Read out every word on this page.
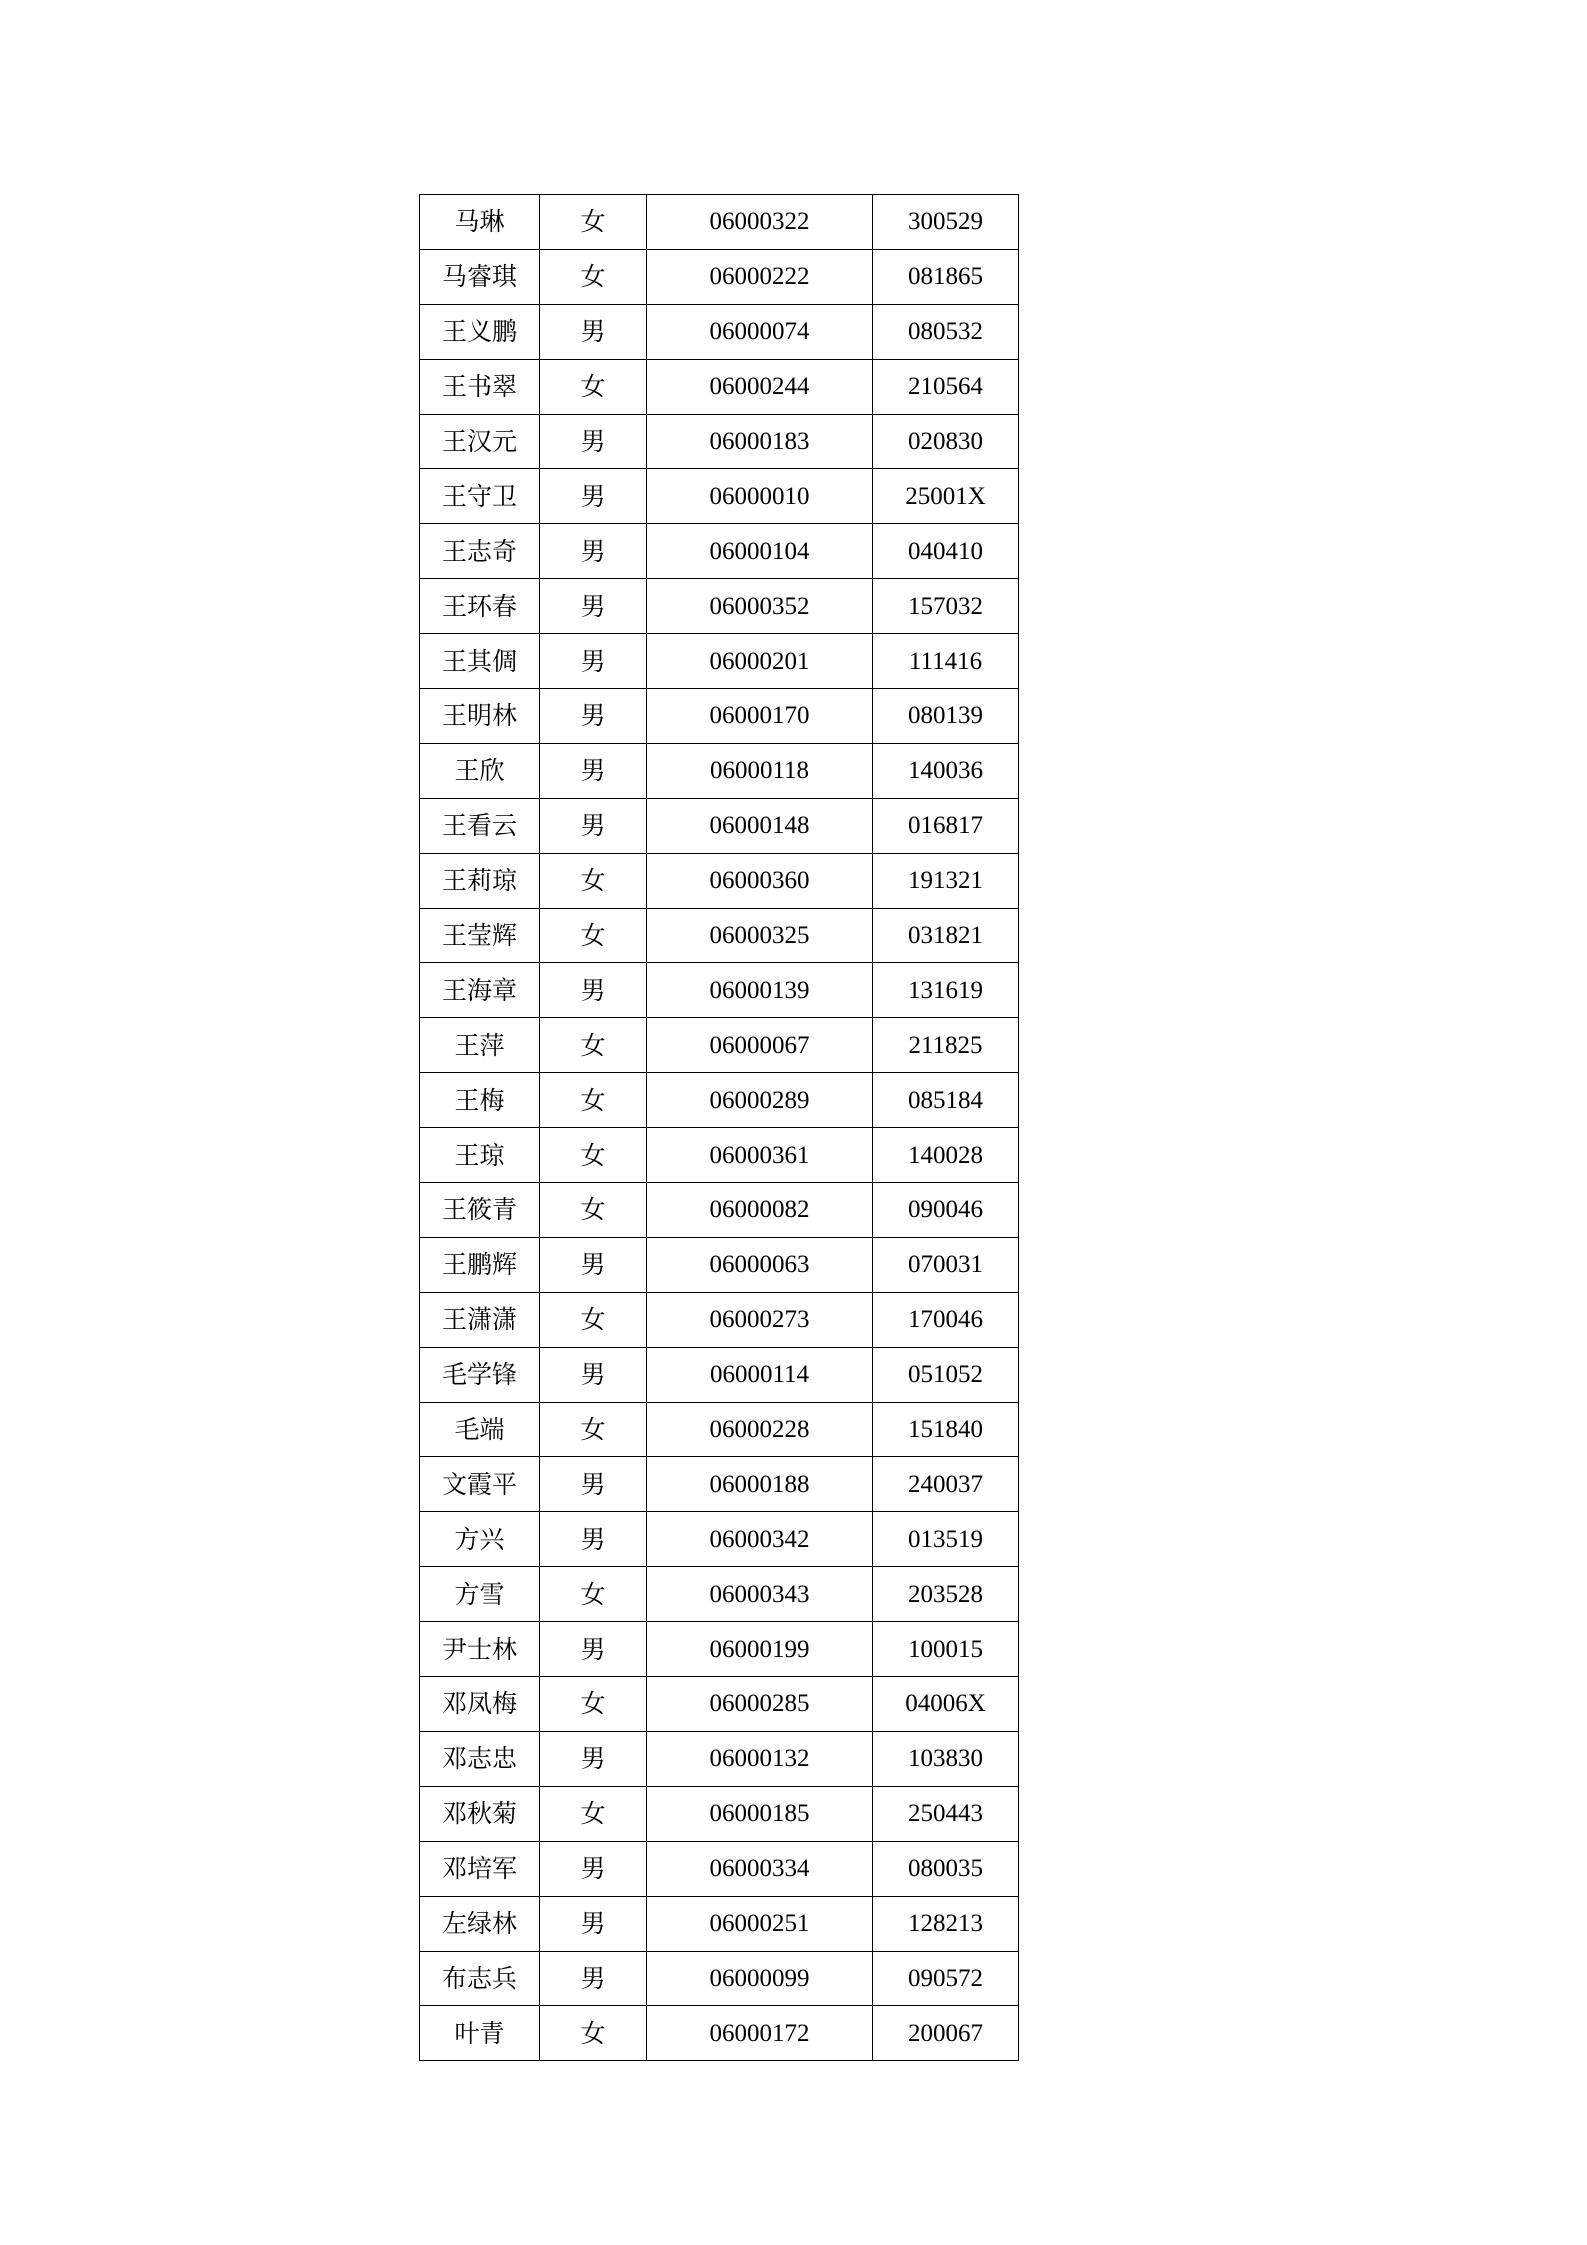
马琳	女	06000322	300529
马睿琪	女	06000222	081865
王义鹏	男	06000074	080532
王书翠	女	06000244	210564
王汉元	男	06000183	020830
王守卫	男	06000010	25001X
王志奇	男	06000104	040410
王环春	男	06000352	157032
王其倜	男	06000201	111416
王明林	男	06000170	080139
王欣	男	06000118	140036
王看云	男	06000148	016817
王莉琼	女	06000360	191321
王莹辉	女	06000325	031821
王海章	男	06000139	131619
王萍	女	06000067	211825
王梅	女	06000289	085184
王琼	女	06000361	140028
王筱青	女	06000082	090046
王鹏辉	男	06000063	070031
王潇潇	女	06000273	170046
毛学锋	男	06000114	051052
毛端	女	06000228	151840
文霞平	男	06000188	240037
方兴	男	06000342	013519
方雪	女	06000343	203528
尹士林	男	06000199	100015
邓凤梅	女	06000285	04006X
邓志忠	男	06000132	103830
邓秋菊	女	06000185	250443
邓培军	男	06000334	080035
左绿林	男	06000251	128213
布志兵	男	06000099	090572
叶青	女	06000172	200067
